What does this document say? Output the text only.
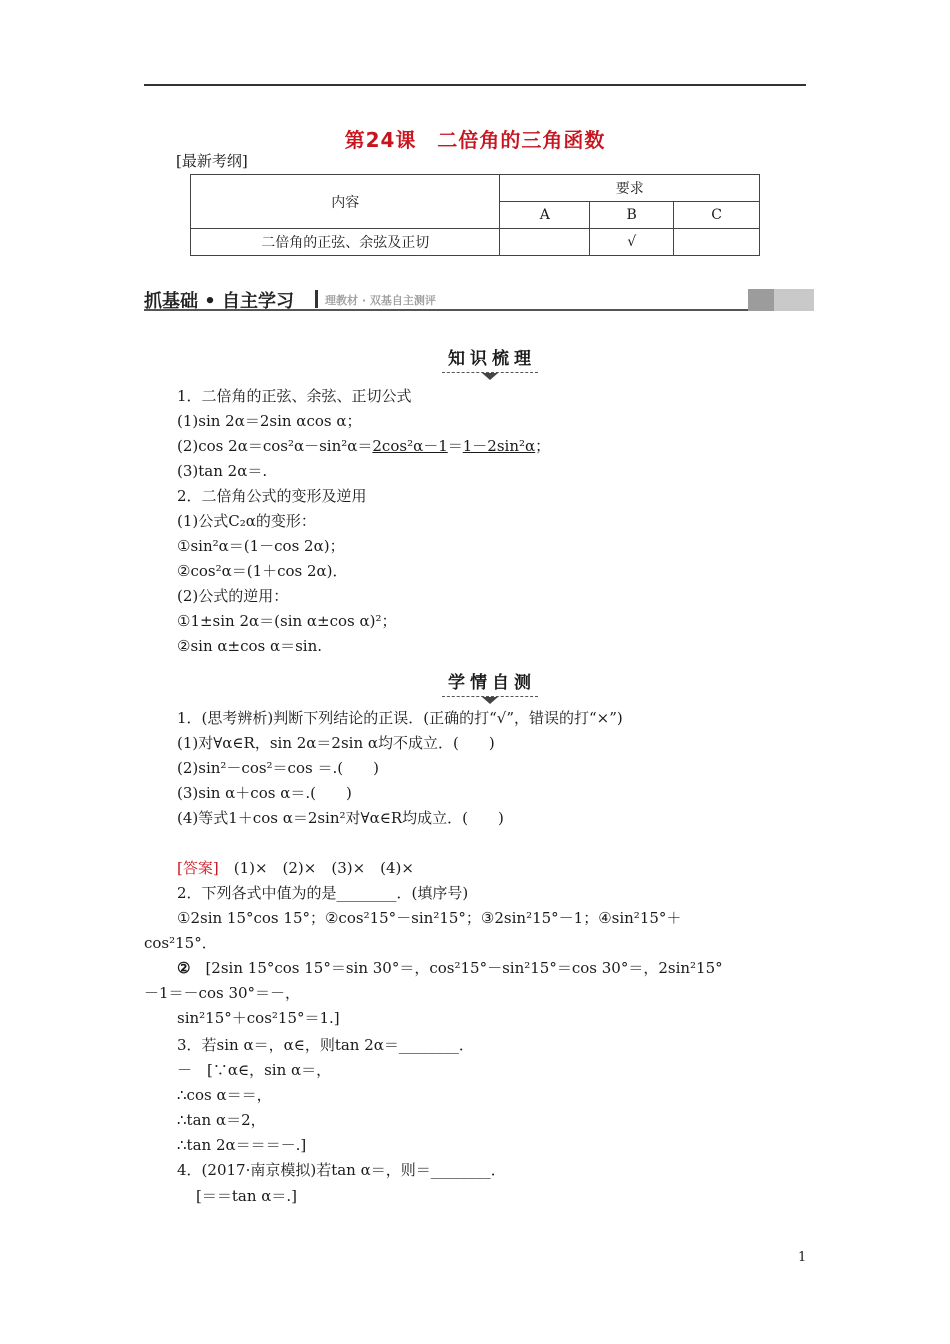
第24课　二倍角的三角函数
[最新考纲]
内容	要求		
	A	B	C
二倍角的正弦、余弦及正切		√	
抓基础 • 自主学习	理教材 · 双基自主测评
知识梳理
1．二倍角的正弦、余弦、正切公式
(1)sin 2α＝2sin αcos α；
(2)cos 2α＝cos²α－sin²α＝2cos²α－1＝1－2sin²α；
(3)tan 2α＝.
2．二倍角公式的变形及逆用
(1)公式C₂α的变形：
①sin²α＝(1－cos 2α)；
②cos²α＝(1＋cos 2α)．
(2)公式的逆用：
①1±sin 2α＝(sin α±cos α)²；
②sin α±cos α＝sin.
学情自测
1．(思考辨析)判断下列结论的正误．(正确的打“√”，错误的打“×”)
(1)对∀α∈R，sin 2α＝2sin α均不成立．(　　)
(2)sin²－cos²＝cos ＝.(　　)
(3)sin α＋cos α＝.(　　)
(4)等式1＋cos α＝2sin²对∀α∈R均成立．(　　)
[答案]　(1)×　(2)×　(3)×　(4)×
2．下列各式中值为的是________．(填序号)
①2sin 15°cos 15°；②cos²15°－sin²15°；③2sin²15°－1；④sin²15°＋
cos²15°．
②　[2sin 15°cos 15°＝sin 30°＝，cos²15°－sin²15°＝cos 30°＝，2sin²15°
－1＝－cos 30°＝－，
sin²15°＋cos²15°＝1.]
3．若sin α＝，α∈，则tan 2α＝________．
－　[∵α∈，sin α＝，
∴cos α＝＝，
∴tan α＝2，
∴tan 2α＝＝＝－.]
4．(2017·南京模拟)若tan α＝，则＝________．
[＝＝tan α＝.]
1
